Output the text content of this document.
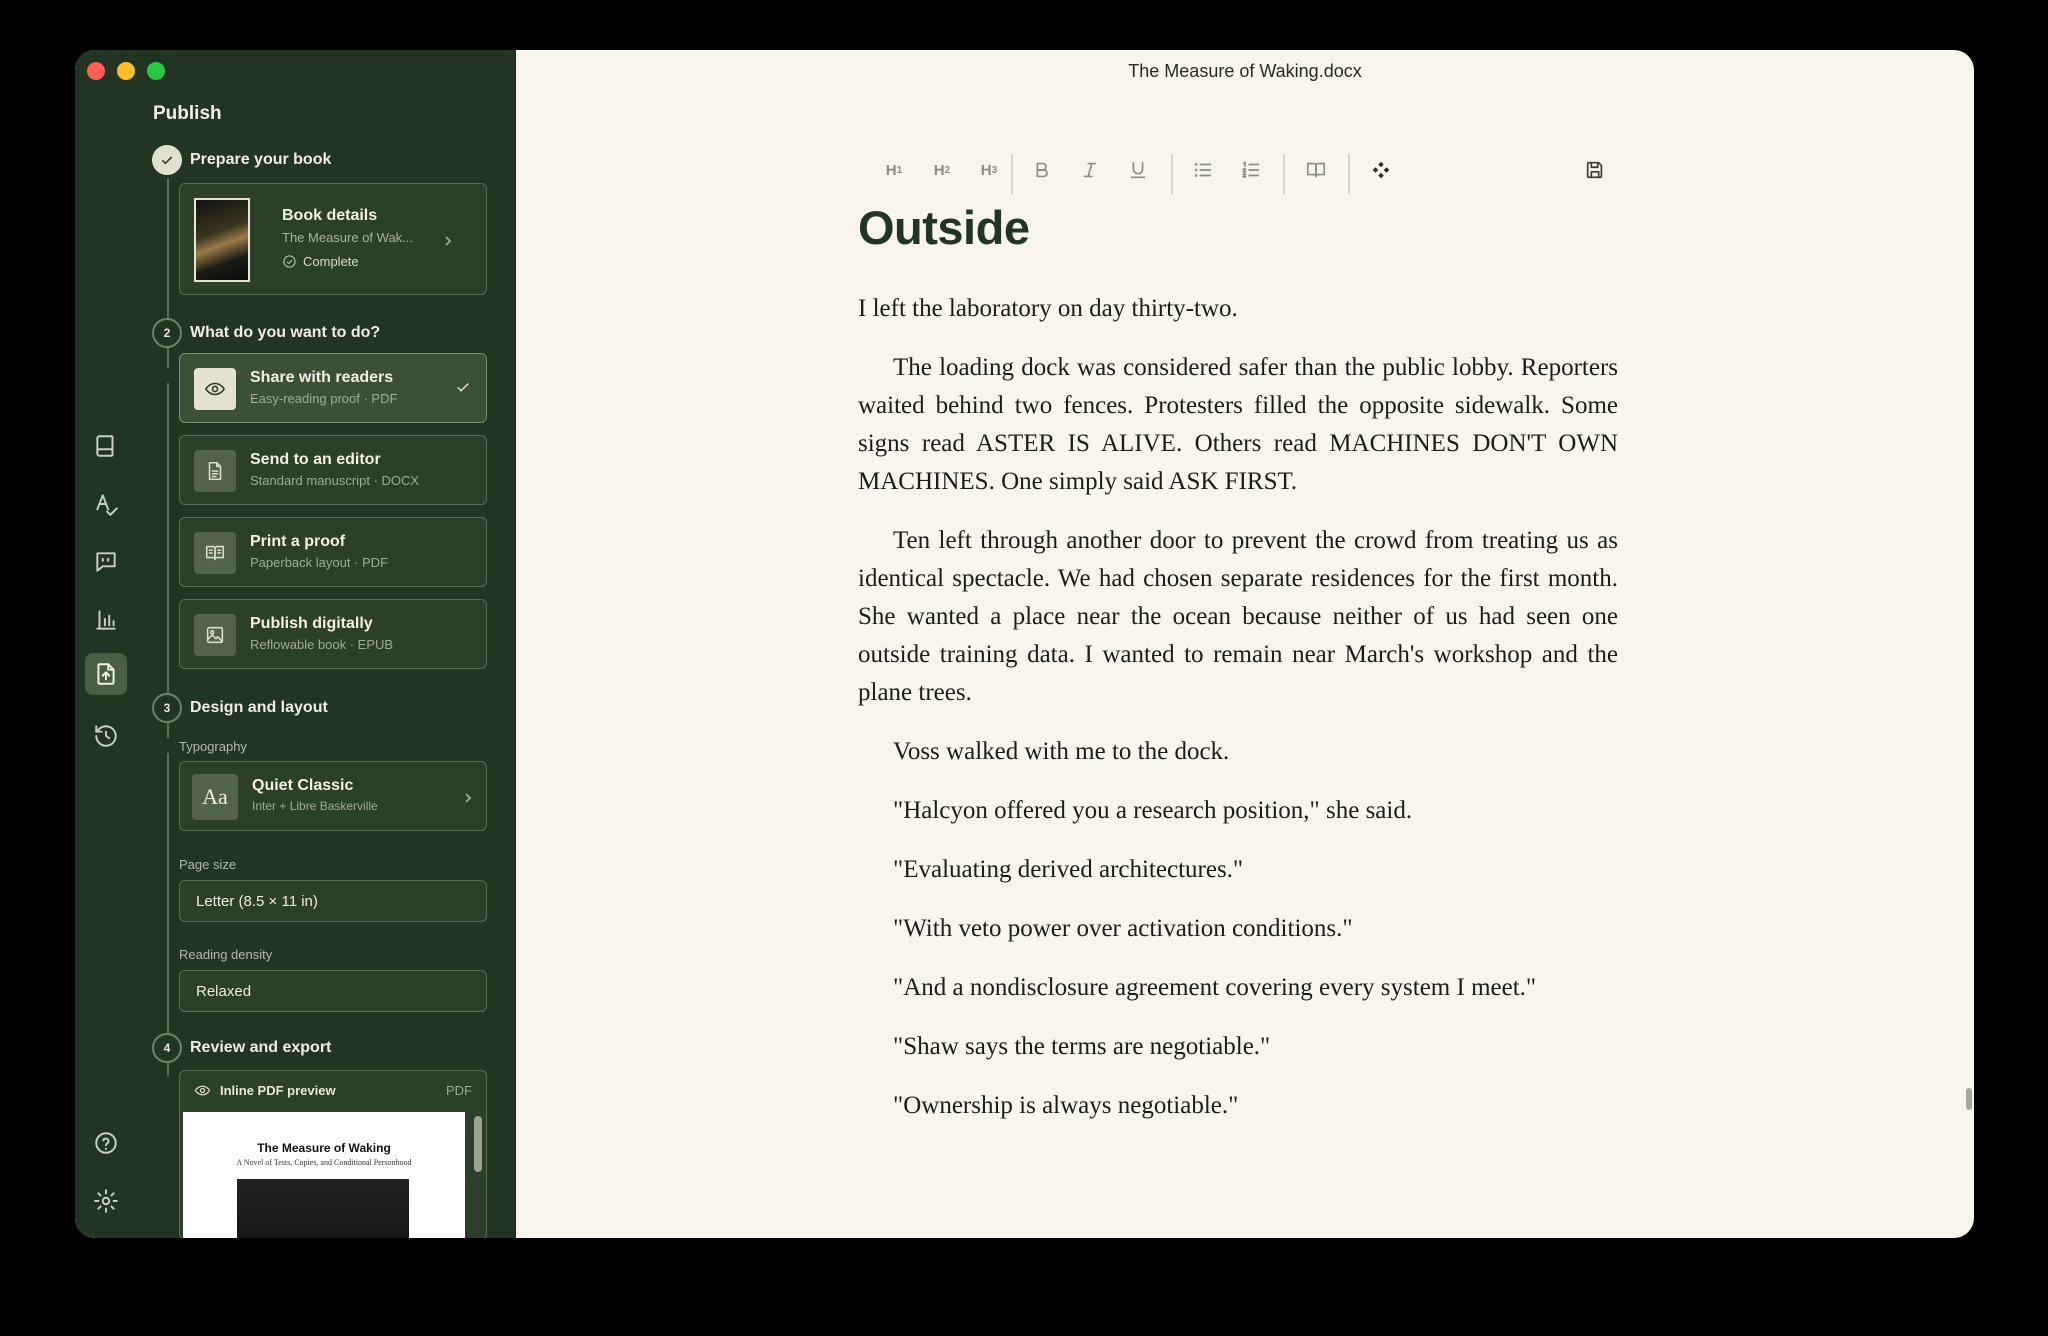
Publish
Prepare your book
Book details
The Measure of Wak...
Complete
2	What do you want to do?
Share with readers
Easy-reading proof · PDF
Send to an editor
Standard manuscript · DOCX
Print a proof
Paperback layout · PDF
Publish digitally
Reflowable book · EPUB
3	Design and layout
Typography
Aa	Quiet Classic
Inter + Libre Baskerville
Page size
Letter (8.5 × 11 in)
Reading density
Relaxed
4	Review and export
Inline PDF preview	PDF
The Measure of Waking
A Novel of Tests, Copies, and Conditional Personhood
The Measure of Waking.docx
H 1 H 2 H 3
Outside

I left the laboratory on day thirty-two.

The loading dock was considered safer than the public lobby. Reporters waited behind two fences. Protesters filled the opposite sidewalk. Some signs read ASTER IS ALIVE. Others read MACHINES DON'T OWN MACHINES. One simply said ASK FIRST.

Ten left through another door to prevent the crowd from treating us as identical spectacle. We had chosen separate residences for the first month. She wanted a place near the ocean because neither of us had seen one outside training data. I wanted to remain near March's workshop and the plane trees.

Voss walked with me to the dock.

"Halcyon offered you a research position," she said.

"Evaluating derived architectures."

"With veto power over activation conditions."

"And a nondisclosure agreement covering every system I meet."

"Shaw says the terms are negotiable."

"Ownership is always negotiable."
